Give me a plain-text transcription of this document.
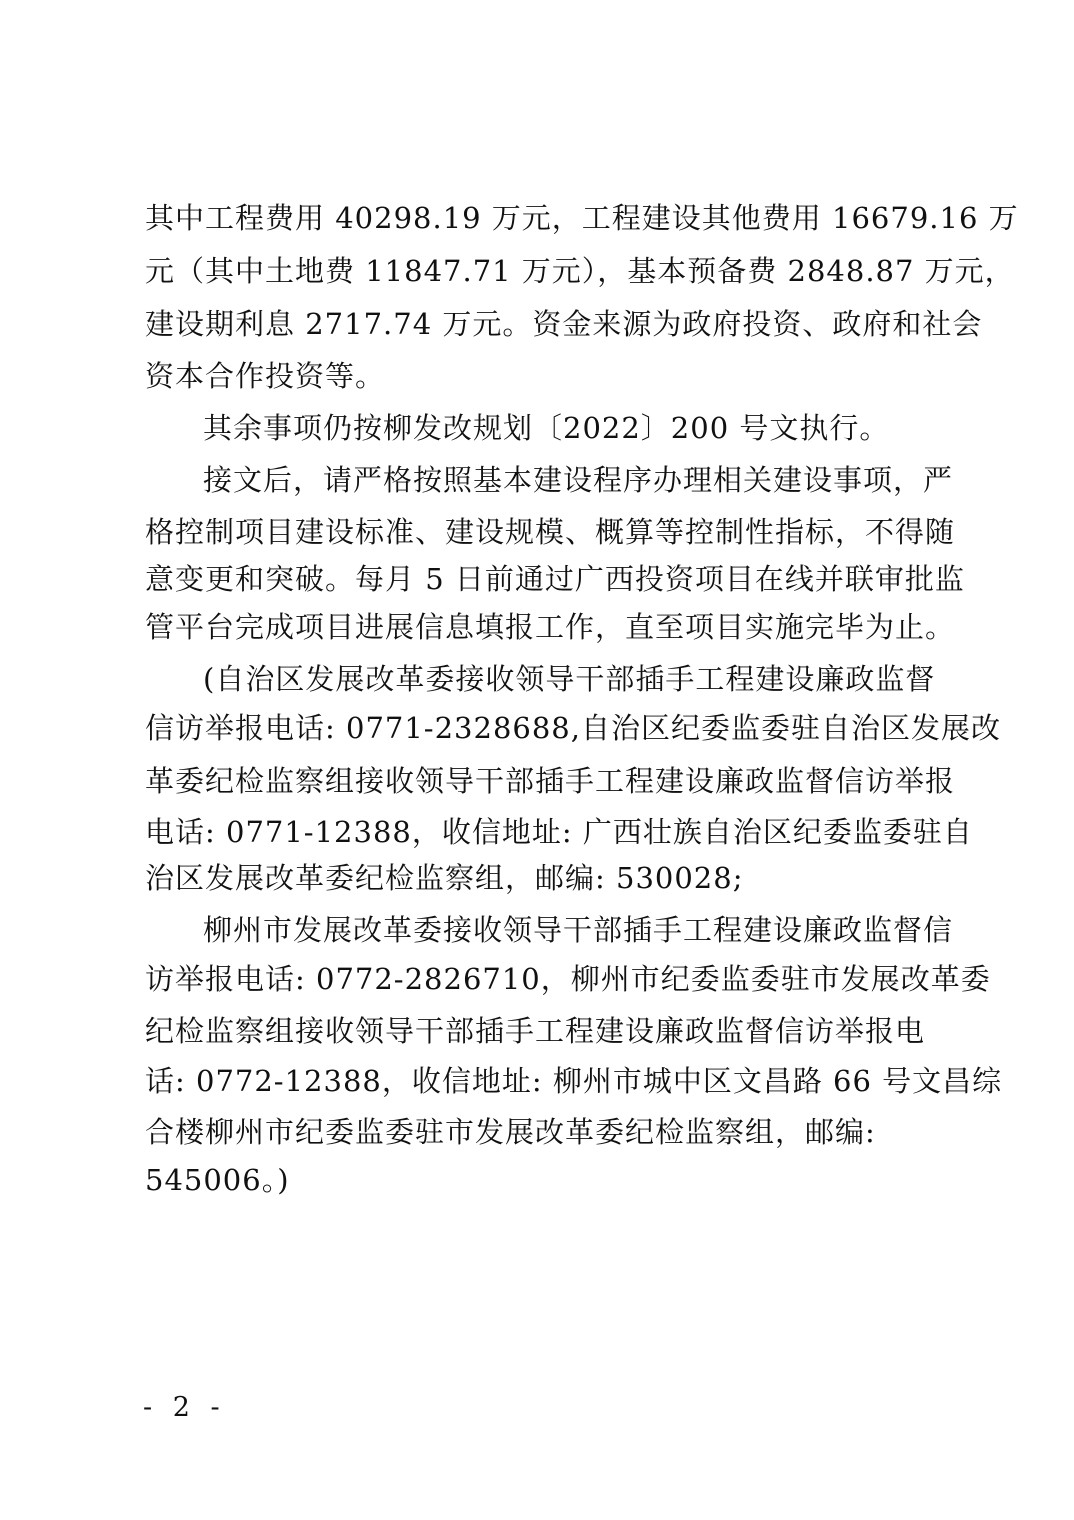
其中工程费用 40298.19 万元，工程建设其他费用 16679.16 万
元（其中土地费 11847.71 万元），基本预备费 2848.87 万元，
建设期利息 2717.74 万元。资金来源为政府投资、政府和社会
资本合作投资等。
其余事项仍按柳发改规划〔2022〕200 号文执行。
接文后，请严格按照基本建设程序办理相关建设事项，严
格控制项目建设标准、建设规模、概算等控制性指标，不得随
意变更和突破。每月 5 日前通过广西投资项目在线并联审批监
管平台完成项目进展信息填报工作，直至项目实施完毕为止。
(自治区发展改革委接收领导干部插手工程建设廉政监督
信访举报电话: 0771-2328688,自治区纪委监委驻自治区发展改
革委纪检监察组接收领导干部插手工程建设廉政监督信访举报
电话: 0771-12388，收信地址: 广西壮族自治区纪委监委驻自
治区发展改革委纪检监察组，邮编: 530028;
柳州市发展改革委接收领导干部插手工程建设廉政监督信
访举报电话: 0772-2826710，柳州市纪委监委驻市发展改革委
纪检监察组接收领导干部插手工程建设廉政监督信访举报电
话: 0772-12388，收信地址: 柳州市城中区文昌路 66 号文昌综
合楼柳州市纪委监委驻市发展改革委纪检监察组，邮编:
545006。)
- 2 -
